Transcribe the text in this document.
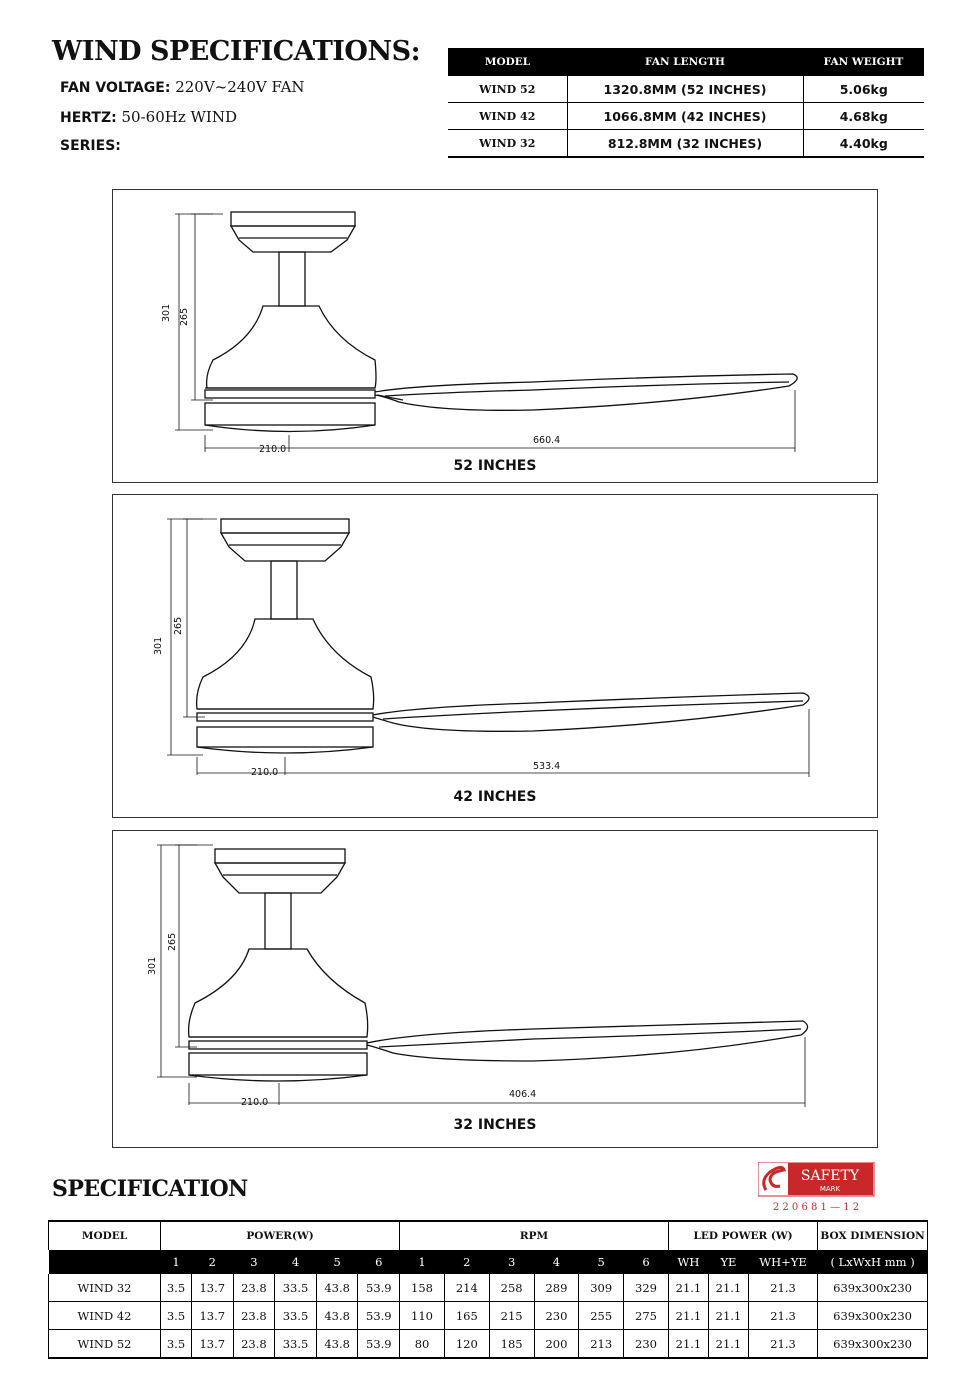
WIND SPECIFICATIONS:
FAN VOLTAGE: 220V~240V FAN
HERTZ: 50-60Hz WIND
SERIES:
MODEL	FAN LENGTH	FAN WEIGHT
WIND 52	1320.8MM (52 INCHES)	5.06kg
WIND 42	1066.8MM (42 INCHES)	4.68kg
WIND 32	812.8MM (32 INCHES)	4.40kg
301 265
210.0
660.4
52 INCHES
301
265
210.0
533.4
42 INCHES
301
265
210.0
406.4
32 INCHES
SAFETY
MARK
2 2 0 6 8 1 — 1 2
SPECIFICATION
MODEL	POWER(W)						RPM						LED POWER (W)			BOX DIMENSION
	1	2	3	4	5	6	1	2	3	4	5	6	WH	YE	WH+YE	( LxWxH mm )
WIND 32	3.5	13.7	23.8	33.5	43.8	53.9	158	214	258	289	309	329	21.1	21.1	21.3	639x300x230
WIND 42	3.5	13.7	23.8	33.5	43.8	53.9	110	165	215	230	255	275	21.1	21.1	21.3	639x300x230
WIND 52	3.5	13.7	23.8	33.5	43.8	53.9	80	120	185	200	213	230	21.1	21.1	21.3	639x300x230
